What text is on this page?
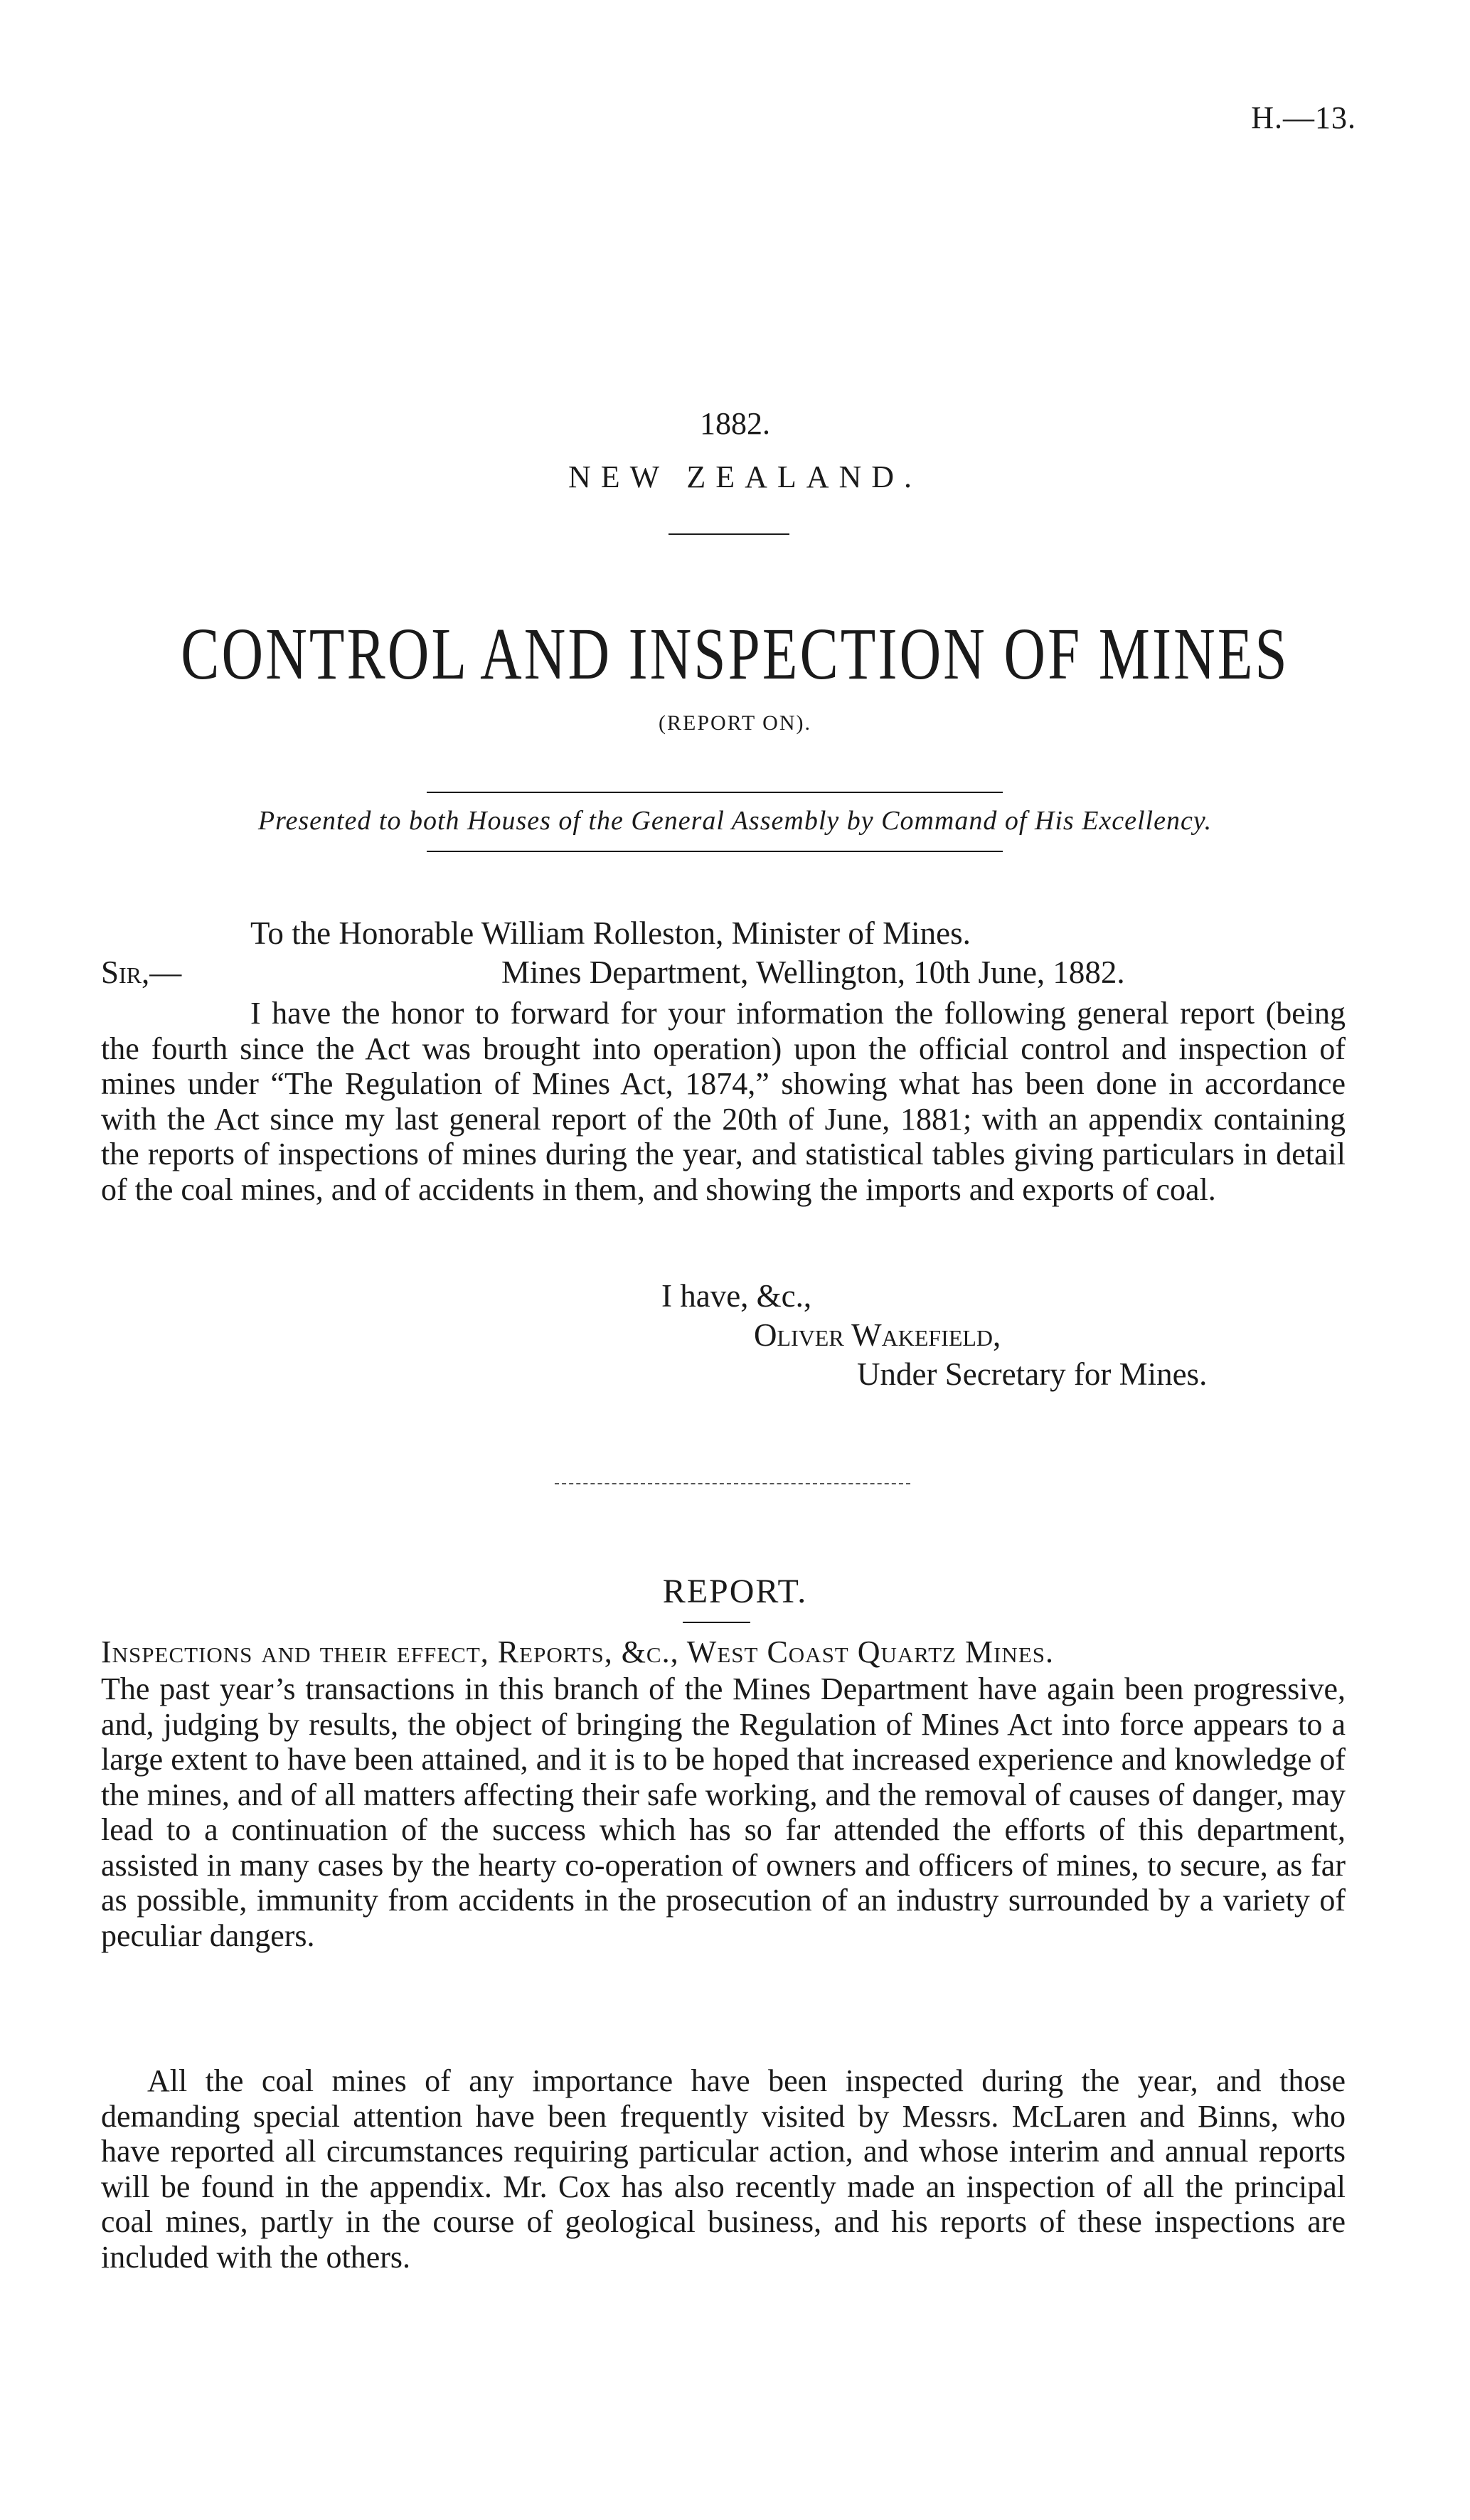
H.—13.
1882.
NEW ZEALAND.
CONTROL AND INSPECTION OF MINES
(REPORT ON).
Presented to both Houses of the General Assembly by Command of His Excellency.
To the Honorable William Rolleston, Minister of Mines.
Sir,—	Mines Department, Wellington, 10th June, 1882.
I have the honor to forward for your information the following general report (being the fourth since the Act was brought into operation) upon the official control and inspection of mines under “The Regulation of Mines Act, 1874,” showing what has been done in accordance with the Act since my last general report of the 20th of June, 1881; with an appendix containing the reports of inspections of mines during the year, and statistical tables giving particulars in detail of the coal mines, and of accidents in them, and showing the imports and exports of coal.
I have, &c.,
Oliver Wakefield,
Under Secretary for Mines.
REPORT.
Inspections and their effect, Reports, &c., West Coast Quartz Mines.
The past year’s transactions in this branch of the Mines Department have again been progressive, and, judging by results, the object of bringing the Regulation of Mines Act into force appears to a large extent to have been attained, and it is to be hoped that increased experience and knowledge of the mines, and of all matters affecting their safe working, and the removal of causes of danger, may lead to a continuation of the success which has so far attended the efforts of this department, assisted in many cases by the hearty co-operation of owners and officers of mines, to secure, as far as possible, immunity from accidents in the prosecution of an industry surrounded by a variety of peculiar dangers.
All the coal mines of any importance have been inspected during the year, and those demanding special attention have been frequently visited by Messrs. McLaren and Binns, who have reported all circumstances requiring particular action, and whose interim and annual reports will be found in the appendix. Mr. Cox has also recently made an inspection of all the principal coal mines, partly in the course of geological business, and his reports of these inspections are included with the others.
